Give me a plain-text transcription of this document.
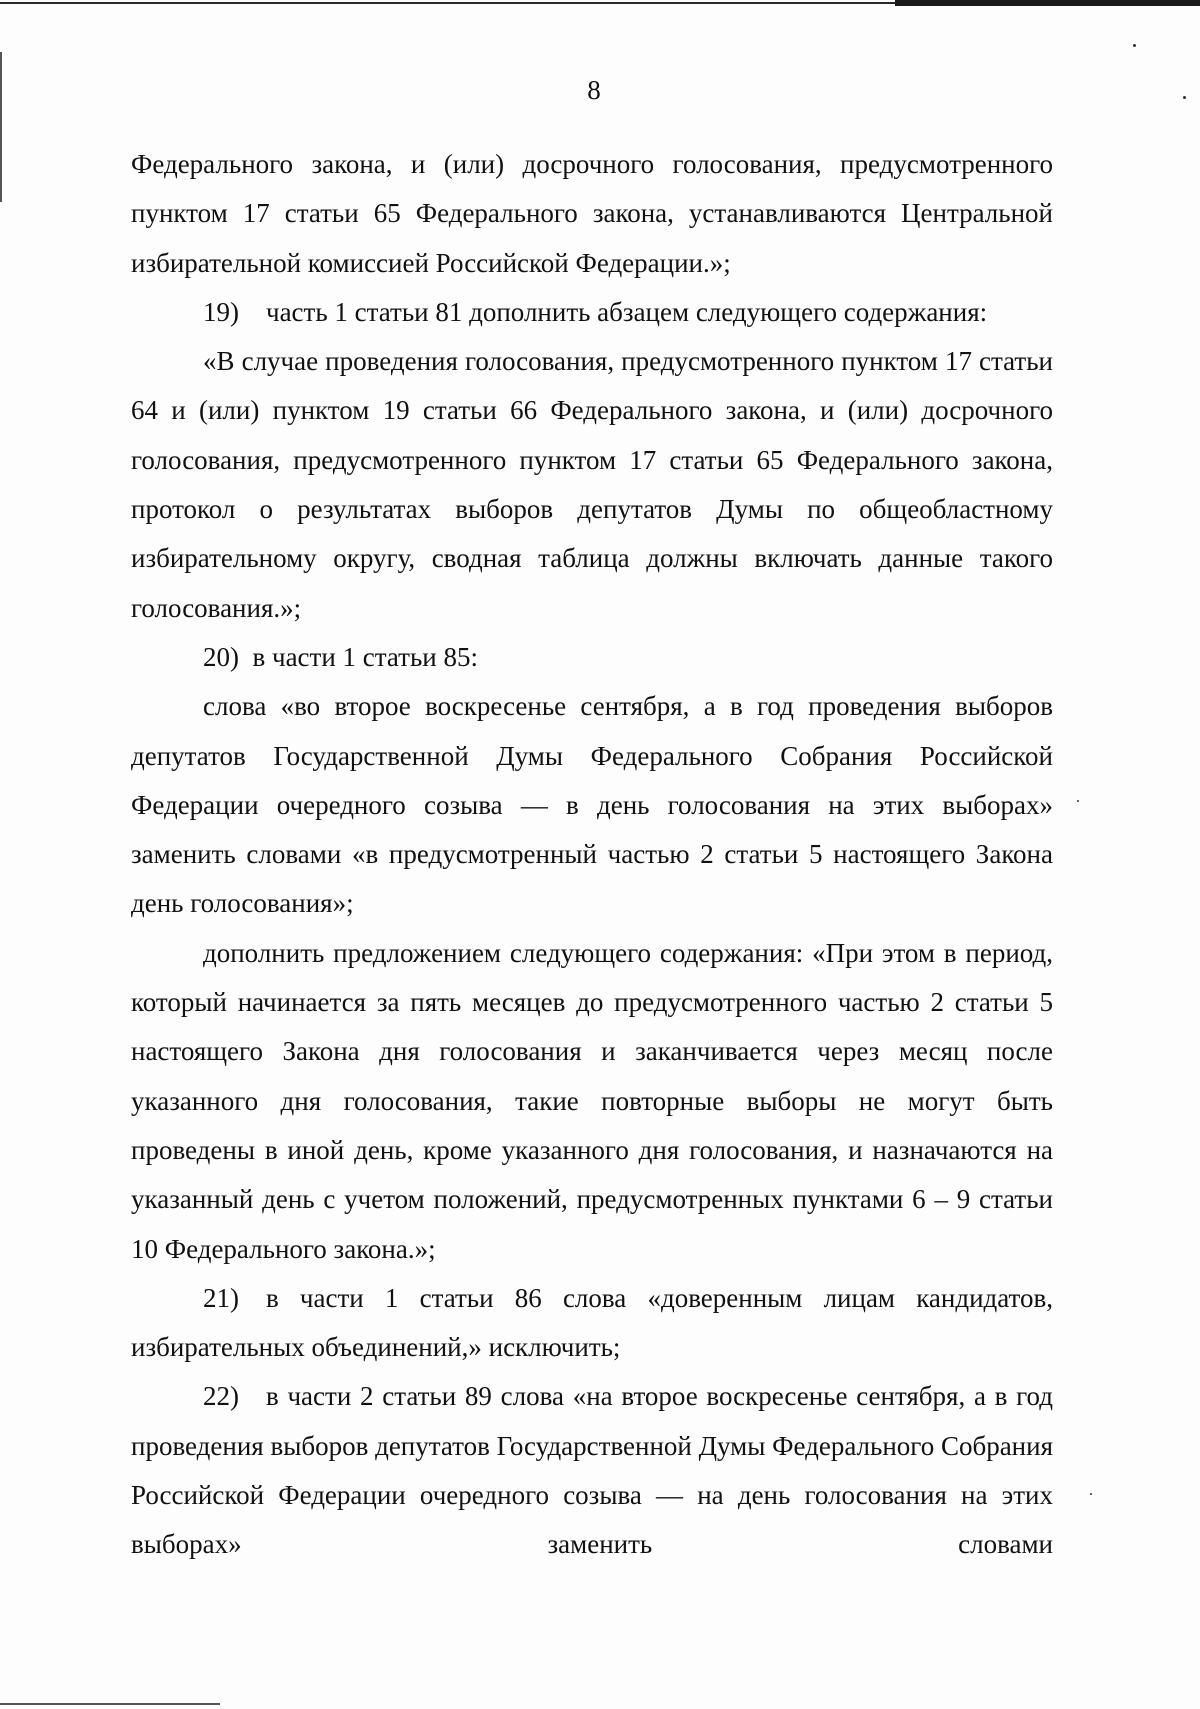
8

Федерального закона, и (или) досрочного голосования, предусмотренного пунктом 17 статьи 65 Федерального закона, устанавливаются Центральной избирательной комиссией Российской Федерации.»;

19) часть 1 статьи 81 дополнить абзацем следующего содержания:

«В случае проведения голосования, предусмотренного пунктом 17 статьи 64 и (или) пунктом 19 статьи 66 Федерального закона, и (или) досрочного голосования, предусмотренного пунктом 17 статьи 65 Федерального закона, протокол о результатах выборов депутатов Думы по общеобластному избирательному округу, сводная таблица должны включать данные такого голосования.»;

20) в части 1 статьи 85:

слова «во второе воскресенье сентября, а в год проведения выборов депутатов Государственной Думы Федерального Собрания Российской Федерации очередного созыва — в день голосования на этих выборах» заменить словами «в предусмотренный частью 2 статьи 5 настоящего Закона день голосования»;

дополнить предложением следующего содержания: «При этом в период, который начинается за пять месяцев до предусмотренного частью 2 статьи 5 настоящего Закона дня голосования и заканчивается через месяц после указанного дня голосования, такие повторные выборы не могут быть проведены в иной день, кроме указанного дня голосования, и назначаются на указанный день с учетом положений, предусмотренных пунктами 6 – 9 статьи 10 Федерального закона.»;

21) в части 1 статьи 86 слова «доверенным лицам кандидатов, избирательных объединений,» исключить;

22) в части 2 статьи 89 слова «на второе воскресенье сентября, а в год проведения выборов депутатов Государственной Думы Федерального Собрания Российской Федерации очередного созыва — на день голосования на этих выборах» заменить словами
